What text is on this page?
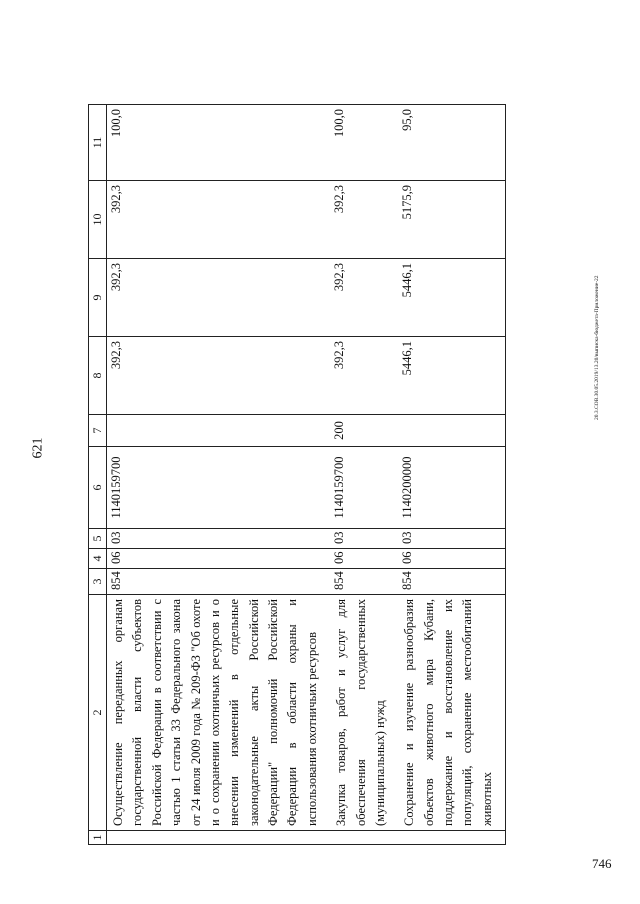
621
746
20.3.СОВ.30.05.2019/13.20/выписка-бюджета-Приложение-22
1	2	3	4	5	6	7	8	9	10	11
	Осуществление переданных органам государственной власти субъектов Российской Федерации в соответствии с частью 1 статьи 33 Федерального закона от 24 июля 2009 года № 209-ФЗ "Об охоте и о сохранении охотничьих ресурсов и о внесении изменений в отдельные законодательные акты Российской Федерации" полномочий Российской Федерации в области охраны и использования охотничьих ресурсов	854	06	03	1140159700		392,3	392,3	392,3	100,0
	Закупка товаров, работ и услуг для обеспечения государственных (муниципальных) нужд	854	06	03	1140159700	200	392,3	392,3	392,3	100,0
	Сохранение и изучение разнообразия объектов животного мира Кубани, поддержание и восстановление их популяций, сохранение местообитаний животных	854	06	03	1140200000		5446,1	5446,1	5175,9	95,0
